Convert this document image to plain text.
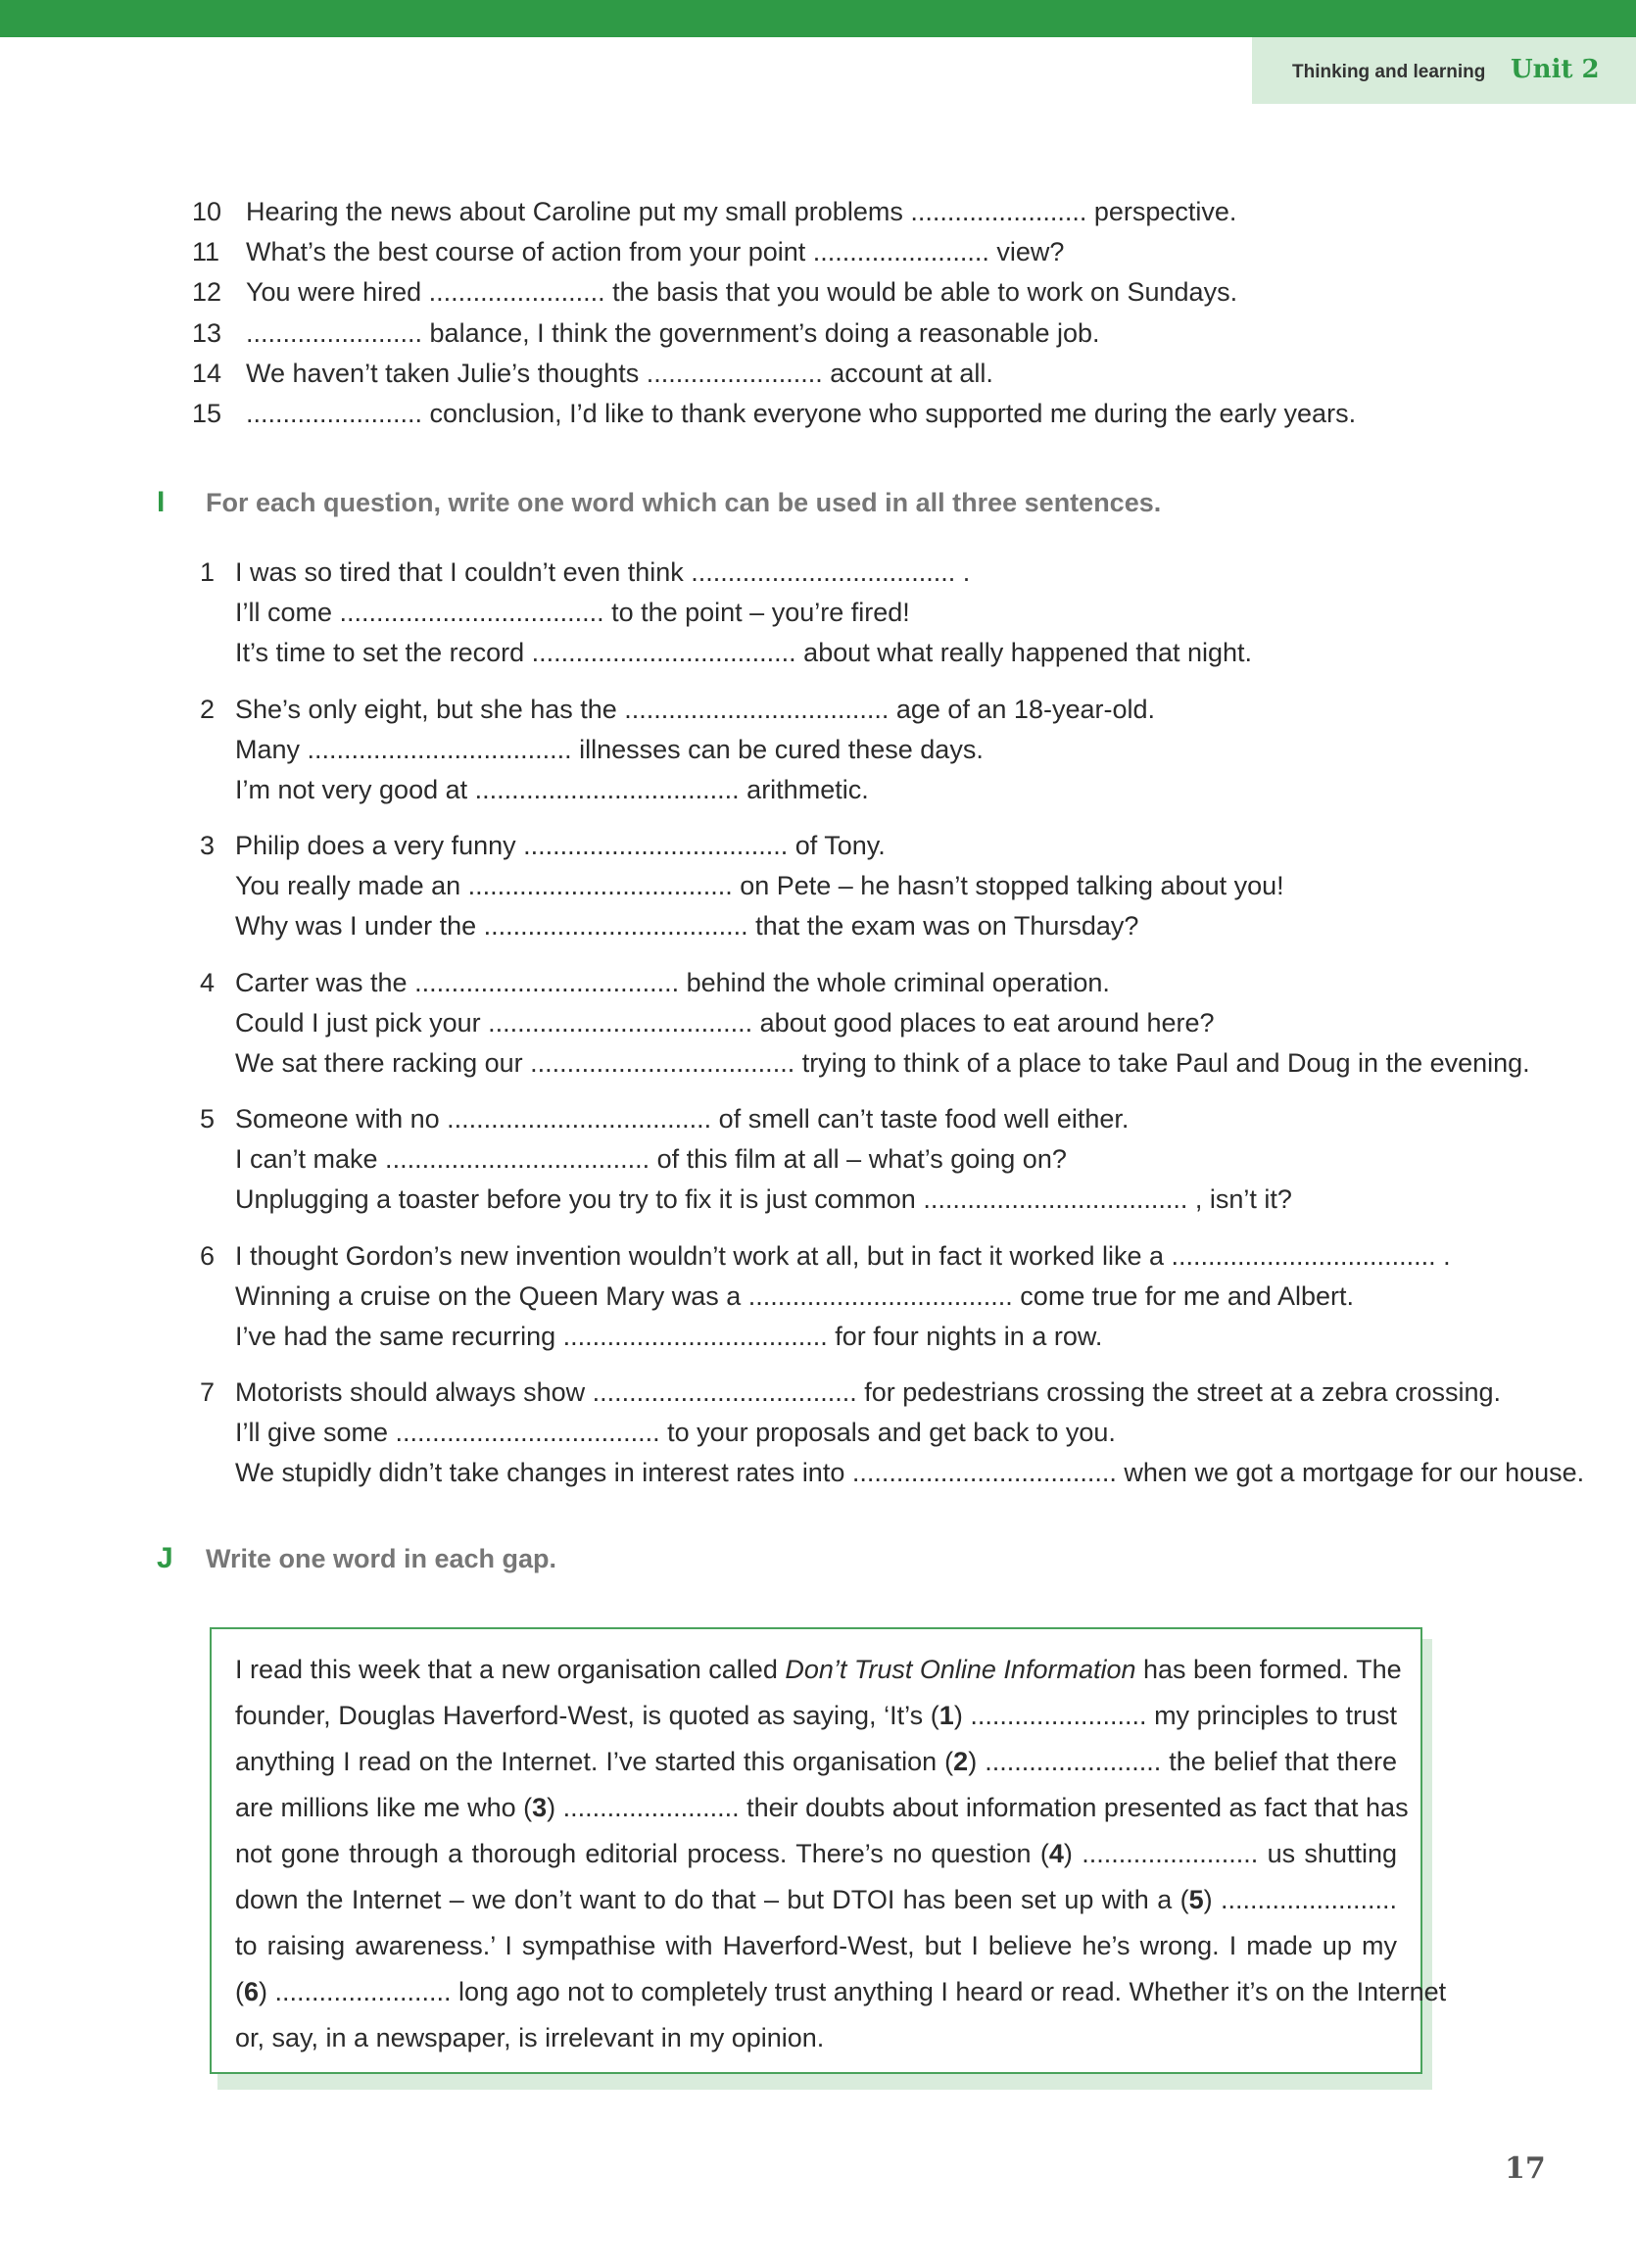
Thinking and learning Unit 2
10 Hearing the news about Caroline put my small problems ........................ perspective.
11 What’s the best course of action from your point ........................ view?
12 You were hired ........................ the basis that you would be able to work on Sundays.
13 ........................ balance, I think the government’s doing a reasonable job.
14 We haven’t taken Julie’s thoughts ........................ account at all.
15 ........................ conclusion, I’d like to thank everyone who supported me during the early years.
I For each question, write one word which can be used in all three sentences.
1 I was so tired that I couldn’t even think .................................... .
I’ll come .................................... to the point – you’re fired!
It’s time to set the record .................................... about what really happened that night.
2 She’s only eight, but she has the .................................... age of an 18-year-old.
Many .................................... illnesses can be cured these days.
I’m not very good at .................................... arithmetic.
3 Philip does a very funny .................................... of Tony.
You really made an .................................... on Pete – he hasn’t stopped talking about you!
Why was I under the .................................... that the exam was on Thursday?
4 Carter was the .................................... behind the whole criminal operation.
Could I just pick your .................................... about good places to eat around here?
We sat there racking our .................................... trying to think of a place to take Paul and Doug in the evening.
5 Someone with no .................................... of smell can’t taste food well either.
I can’t make .................................... of this film at all – what’s going on?
Unplugging a toaster before you try to fix it is just common .................................... , isn’t it?
6 I thought Gordon’s new invention wouldn’t work at all, but in fact it worked like a .................................... .
Winning a cruise on the Queen Mary was a .................................... come true for me and Albert.
I’ve had the same recurring .................................... for four nights in a row.
7 Motorists should always show .................................... for pedestrians crossing the street at a zebra crossing.
I’ll give some .................................... to your proposals and get back to you.
We stupidly didn’t take changes in interest rates into .................................... when we got a mortgage for our house.
J Write one word in each gap.
I read this week that a new organisation called Don’t Trust Online Information has been formed. The
founder, Douglas Haverford-West, is quoted as saying, ‘It’s (1) ........................ my principles to trust
anything I read on the Internet. I’ve started this organisation (2) ........................ the belief that there
are millions like me who (3) ........................ their doubts about information presented as fact that has
not gone through a thorough editorial process. There’s no question (4) ........................ us shutting
down the Internet – we don’t want to do that – but DTOI has been set up with a (5) ........................
to raising awareness.’ I sympathise with Haverford-West, but I believe he’s wrong. I made up my
(6) ........................ long ago not to completely trust anything I heard or read. Whether it’s on the Internet
or, say, in a newspaper, is irrelevant in my opinion.
17
